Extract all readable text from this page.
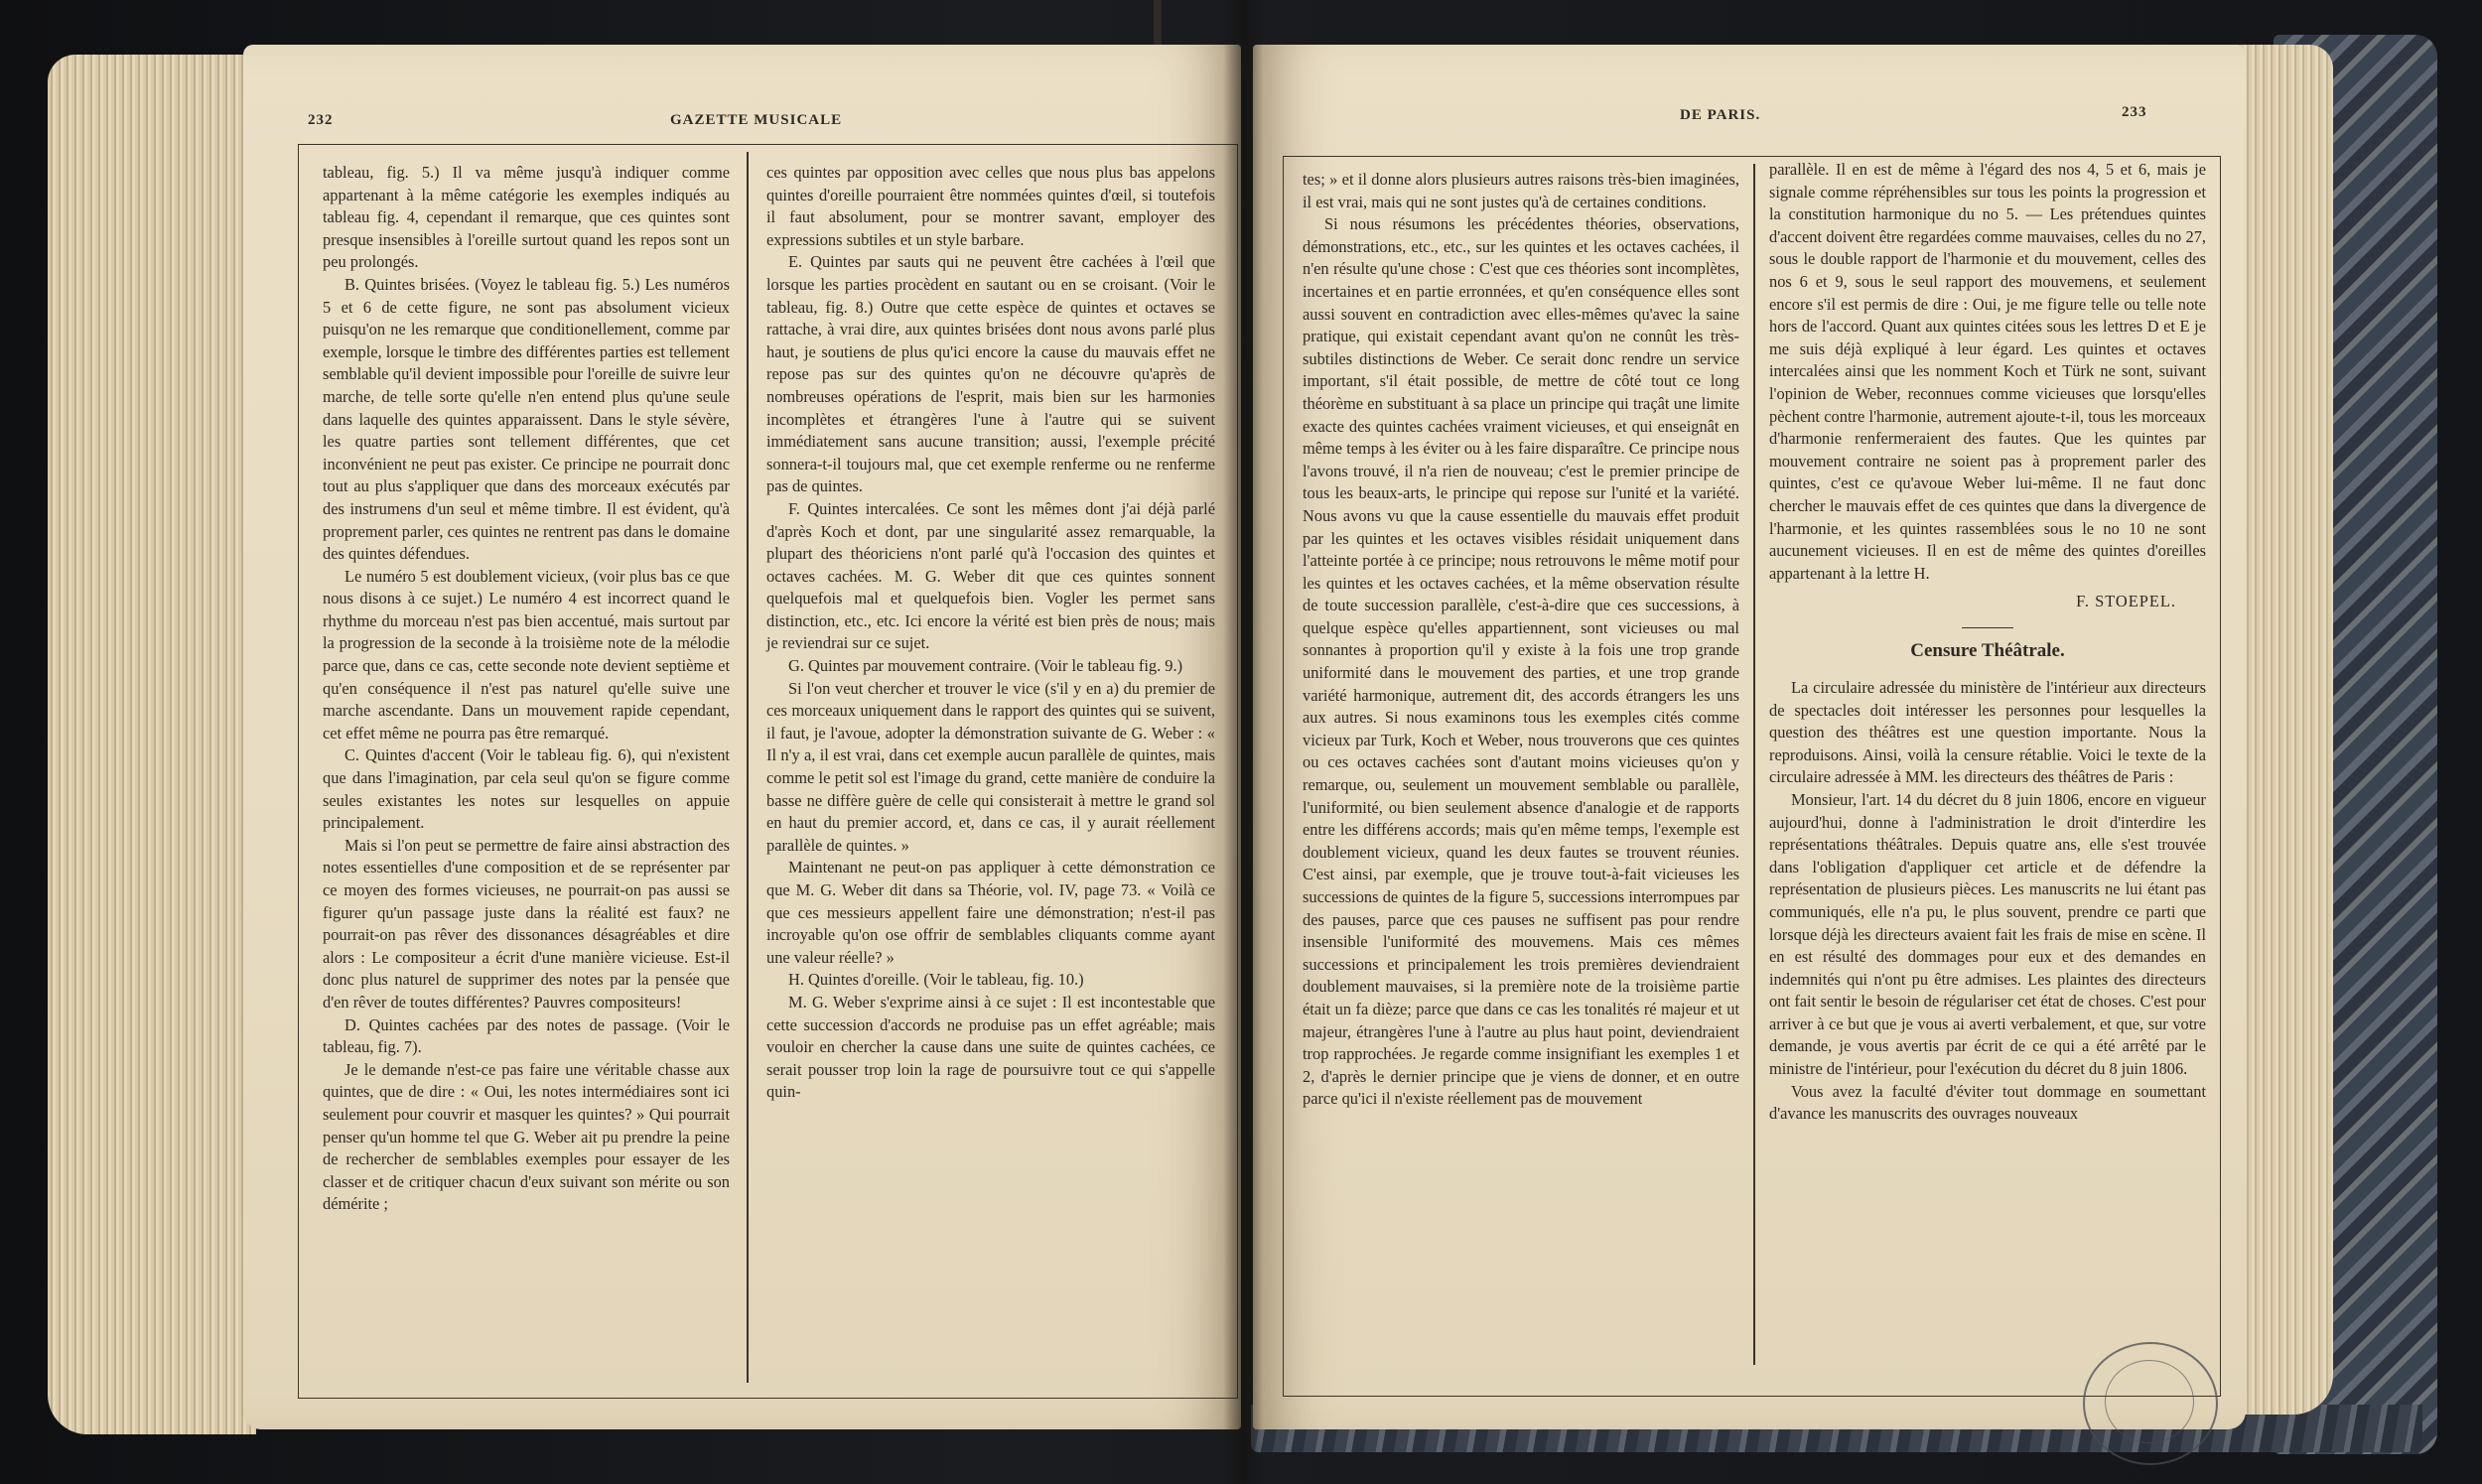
232	GAZETTE MUSICALE

tableau, fig. 5.) Il va même jusqu'à indiquer comme appartenant à la même catégorie les exemples indiqués au tableau fig. 4, cependant il remarque, que ces quintes sont presque insensibles à l'oreille surtout quand les repos sont un peu prolongés.

B. Quintes brisées. (Voyez le tableau fig. 5.) Les numéros 5 et 6 de cette figure, ne sont pas absolument vicieux puisqu'on ne les remarque que conditionellement, comme par exemple, lorsque le timbre des différentes parties est tellement semblable qu'il devient impossible pour l'oreille de suivre leur marche, de telle sorte qu'elle n'en entend plus qu'une seule dans laquelle des quintes apparaissent. Dans le style sévère, les quatre parties sont tellement différentes, que cet inconvénient ne peut pas exister. Ce principe ne pourrait donc tout au plus s'appliquer que dans des morceaux exécutés par des instrumens d'un seul et même timbre. Il est évident, qu'à proprement parler, ces quintes ne rentrent pas dans le domaine des quintes défendues.

Le numéro 5 est doublement vicieux, (voir plus bas ce que nous disons à ce sujet.) Le numéro 4 est incorrect quand le rhythme du morceau n'est pas bien accentué, mais surtout par la progression de la seconde à la troisième note de la mélodie parce que, dans ce cas, cette seconde note devient septième et qu'en conséquence il n'est pas naturel qu'elle suive une marche ascendante. Dans un mouvement rapide cependant, cet effet même ne pourra pas être remarqué.

C. Quintes d'accent (Voir le tableau fig. 6), qui n'existent que dans l'imagination, par cela seul qu'on se figure comme seules existantes les notes sur lesquelles on appuie principalement.

Mais si l'on peut se permettre de faire ainsi abstraction des notes essentielles d'une composition et de se représenter par ce moyen des formes vicieuses, ne pourrait-on pas aussi se figurer qu'un passage juste dans la réalité est faux? ne pourrait-on pas rêver des dissonances désagréables et dire alors : Le compositeur a écrit d'une manière vicieuse. Est-il donc plus naturel de supprimer des notes par la pensée que d'en rêver de toutes différentes? Pauvres compositeurs!

D. Quintes cachées par des notes de passage. (Voir le tableau, fig. 7).

Je le demande n'est-ce pas faire une véritable chasse aux quintes, que de dire : « Oui, les notes intermédiaires sont ici seulement pour couvrir et masquer les quintes? » Qui pourrait penser qu'un homme tel que G. Weber ait pu prendre la peine de rechercher de semblables exemples pour essayer de les classer et de critiquer chacun d'eux suivant son mérite ou son démérite ;

ces quintes par opposition avec celles que nous plus bas appelons quintes d'oreille pourraient être nommées quintes d'œil, si toutefois il faut absolument, pour se montrer savant, employer des expressions subtiles et un style barbare.

E. Quintes par sauts qui ne peuvent être cachées à l'œil que lorsque les parties procèdent en sautant ou en se croisant. (Voir le tableau, fig. 8.) Outre que cette espèce de quintes et octaves se rattache, à vrai dire, aux quintes brisées dont nous avons parlé plus haut, je soutiens de plus qu'ici encore la cause du mauvais effet ne repose pas sur des quintes qu'on ne découvre qu'après de nombreuses opérations de l'esprit, mais bien sur les harmonies incomplètes et étrangères l'une à l'autre qui se suivent immédiatement sans aucune transition; aussi, l'exemple précité sonnera-t-il toujours mal, que cet exemple renferme ou ne renferme pas de quintes.

F. Quintes intercalées. Ce sont les mêmes dont j'ai déjà parlé d'après Koch et dont, par une singularité assez remarquable, la plupart des théoriciens n'ont parlé qu'à l'occasion des quintes et octaves cachées. M. G. Weber dit que ces quintes sonnent quelquefois mal et quelquefois bien. Vogler les permet sans distinction, etc., etc. Ici encore la vérité est bien près de nous; mais je reviendrai sur ce sujet.

G. Quintes par mouvement contraire. (Voir le tableau fig. 9.)

Si l'on veut chercher et trouver le vice (s'il y en a) du premier de ces morceaux uniquement dans le rapport des quintes qui se suivent, il faut, je l'avoue, adopter la démonstration suivante de G. Weber : « Il n'y a, il est vrai, dans cet exemple aucun parallèle de quintes, mais comme le petit sol est l'image du grand, cette manière de conduire la basse ne diffère guère de celle qui consisterait à mettre le grand sol en haut du premier accord, et, dans ce cas, il y aurait réellement parallèle de quintes. »

Maintenant ne peut-on pas appliquer à cette démonstration ce que M. G. Weber dit dans sa Théorie, vol. IV, page 73. « Voilà ce que ces messieurs appellent faire une démonstration; n'est-il pas incroyable qu'on ose offrir de semblables cliquants comme ayant une valeur réelle? »

H. Quintes d'oreille. (Voir le tableau, fig. 10.)

M. G. Weber s'exprime ainsi à ce sujet : Il est incontestable que cette succession d'accords ne produise pas un effet agréable; mais vouloir en chercher la cause dans une suite de quintes cachées, ce serait pousser trop loin la rage de poursuivre tout ce qui s'appelle quin-

DE PARIS.	233

tes; » et il donne alors plusieurs autres raisons très-bien imaginées, il est vrai, mais qui ne sont justes qu'à de certaines conditions.

Si nous résumons les précédentes théories, observations, démonstrations, etc., etc., sur les quintes et les octaves cachées, il n'en résulte qu'une chose : C'est que ces théories sont incomplètes, incertaines et en partie erronnées, et qu'en conséquence elles sont aussi souvent en contradiction avec elles-mêmes qu'avec la saine pratique, qui existait cependant avant qu'on ne connût les très-subtiles distinctions de Weber. Ce serait donc rendre un service important, s'il était possible, de mettre de côté tout ce long théorème en substituant à sa place un principe qui traçât une limite exacte des quintes cachées vraiment vicieuses, et qui enseignât en même temps à les éviter ou à les faire disparaître. Ce principe nous l'avons trouvé, il n'a rien de nouveau; c'est le premier principe de tous les beaux-arts, le principe qui repose sur l'unité et la variété. Nous avons vu que la cause essentielle du mauvais effet produit par les quintes et les octaves visibles résidait uniquement dans l'atteinte portée à ce principe; nous retrouvons le même motif pour les quintes et les octaves cachées, et la même observation résulte de toute succession parallèle, c'est-à-dire que ces successions, à quelque espèce qu'elles appartiennent, sont vicieuses ou mal sonnantes à proportion qu'il y existe à la fois une trop grande uniformité dans le mouvement des parties, et une trop grande variété harmonique, autrement dit, des accords étrangers les uns aux autres. Si nous examinons tous les exemples cités comme vicieux par Turk, Koch et Weber, nous trouverons que ces quintes ou ces octaves cachées sont d'autant moins vicieuses qu'on y remarque, ou, seulement un mouvement semblable ou parallèle, l'uniformité, ou bien seulement absence d'analogie et de rapports entre les différens accords; mais qu'en même temps, l'exemple est doublement vicieux, quand les deux fautes se trouvent réunies. C'est ainsi, par exemple, que je trouve tout-à-fait vicieuses les successions de quintes de la figure 5, successions interrompues par des pauses, parce que ces pauses ne suffisent pas pour rendre insensible l'uniformité des mouvemens. Mais ces mêmes successions et principalement les trois premières deviendraient doublement mauvaises, si la première note de la troisième partie était un fa dièze; parce que dans ce cas les tonalités ré majeur et ut majeur, étrangères l'une à l'autre au plus haut point, deviendraient trop rapprochées. Je regarde comme insignifiant les exemples 1 et 2, d'après le dernier principe que je viens de donner, et en outre parce qu'ici il n'existe réellement pas de mouvement

parallèle. Il en est de même à l'égard des nos 4, 5 et 6, mais je signale comme répréhensibles sur tous les points la progression et la constitution harmonique du no 5. — Les prétendues quintes d'accent doivent être regardées comme mauvaises, celles du no 27, sous le double rapport de l'harmonie et du mouvement, celles des nos 6 et 9, sous le seul rapport des mouvemens, et seulement encore s'il est permis de dire : Oui, je me figure telle ou telle note hors de l'accord. Quant aux quintes citées sous les lettres D et E je me suis déjà expliqué à leur égard. Les quintes et octaves intercalées ainsi que les nomment Koch et Türk ne sont, suivant l'opinion de Weber, reconnues comme vicieuses que lorsqu'elles pèchent contre l'harmonie, autrement ajoute-t-il, tous les morceaux d'harmonie renfermeraient des fautes. Que les quintes par mouvement contraire ne soient pas à proprement parler des quintes, c'est ce qu'avoue Weber lui-même. Il ne faut donc chercher le mauvais effet de ces quintes que dans la divergence de l'harmonie, et les quintes rassemblées sous le no 10 ne sont aucunement vicieuses. Il en est de même des quintes d'oreilles appartenant à la lettre H.

F. STOEPEL.

Censure Théâtrale.

La circulaire adressée du ministère de l'intérieur aux directeurs de spectacles doit intéresser les personnes pour lesquelles la question des théâtres est une question importante. Nous la reproduisons. Ainsi, voilà la censure rétablie. Voici le texte de la circulaire adressée à MM. les directeurs des théâtres de Paris :

Monsieur, l'art. 14 du décret du 8 juin 1806, encore en vigueur aujourd'hui, donne à l'administration le droit d'interdire les représentations théâtrales. Depuis quatre ans, elle s'est trouvée dans l'obligation d'appliquer cet article et de défendre la représentation de plusieurs pièces. Les manuscrits ne lui étant pas communiqués, elle n'a pu, le plus souvent, prendre ce parti que lorsque déjà les directeurs avaient fait les frais de mise en scène. Il en est résulté des dommages pour eux et des demandes en indemnités qui n'ont pu être admises. Les plaintes des directeurs ont fait sentir le besoin de régulariser cet état de choses. C'est pour arriver à ce but que je vous ai averti verbalement, et que, sur votre demande, je vous avertis par écrit de ce qui a été arrêté par le ministre de l'intérieur, pour l'exécution du décret du 8 juin 1806.

Vous avez la faculté d'éviter tout dommage en soumettant d'avance les manuscrits des ouvrages nouveaux
